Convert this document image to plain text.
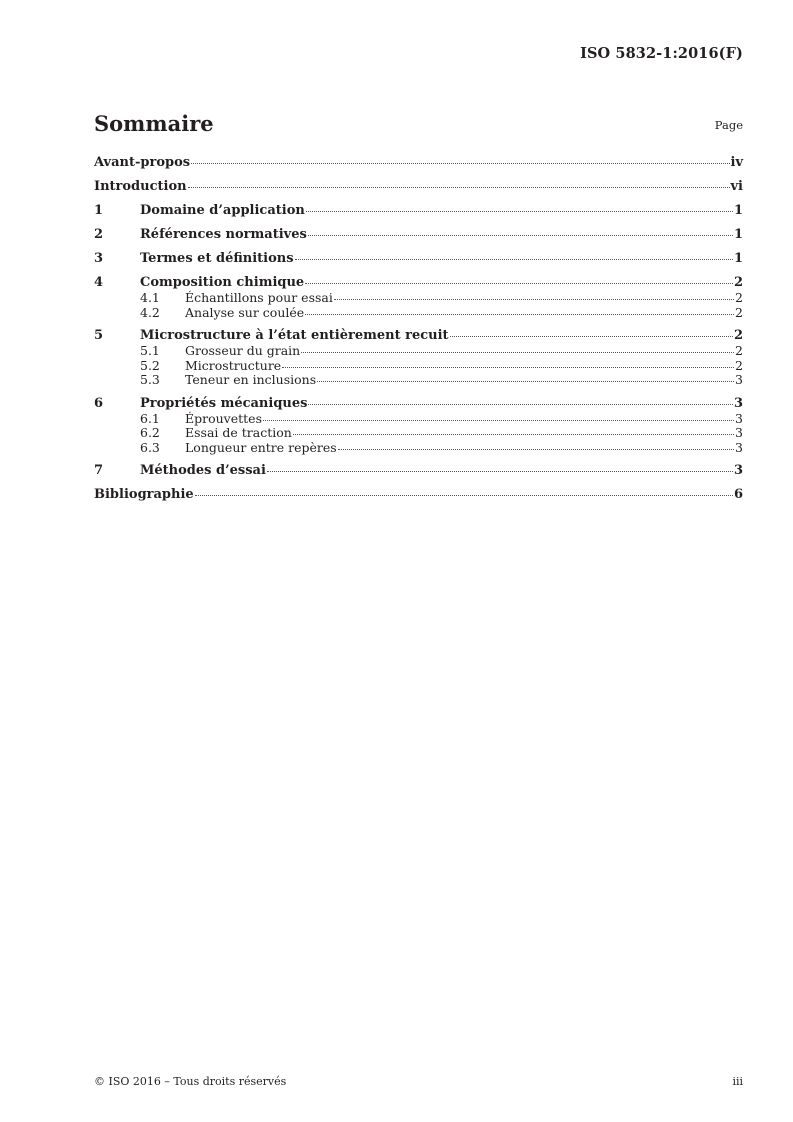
ISO 5832-1:2016(F)
Sommaire	Page
Avant-propos	iv
Introduction	vi
1	Domaine d’application	1
2	Références normatives	1
3	Termes et définitions	1
4	Composition chimique	2
4.1	Échantillons pour essai	2
4.2	Analyse sur coulée	2
5	Microstructure à l’état entièrement recuit	2
5.1	Grosseur du grain	2
5.2	Microstructure	2
5.3	Teneur en inclusions	3
6	Propriétés mécaniques	3
6.1	Éprouvettes	3
6.2	Essai de traction	3
6.3	Longueur entre repères	3
7	Méthodes d’essai	3
Bibliographie	6
© ISO 2016 – Tous droits réservés	iii
